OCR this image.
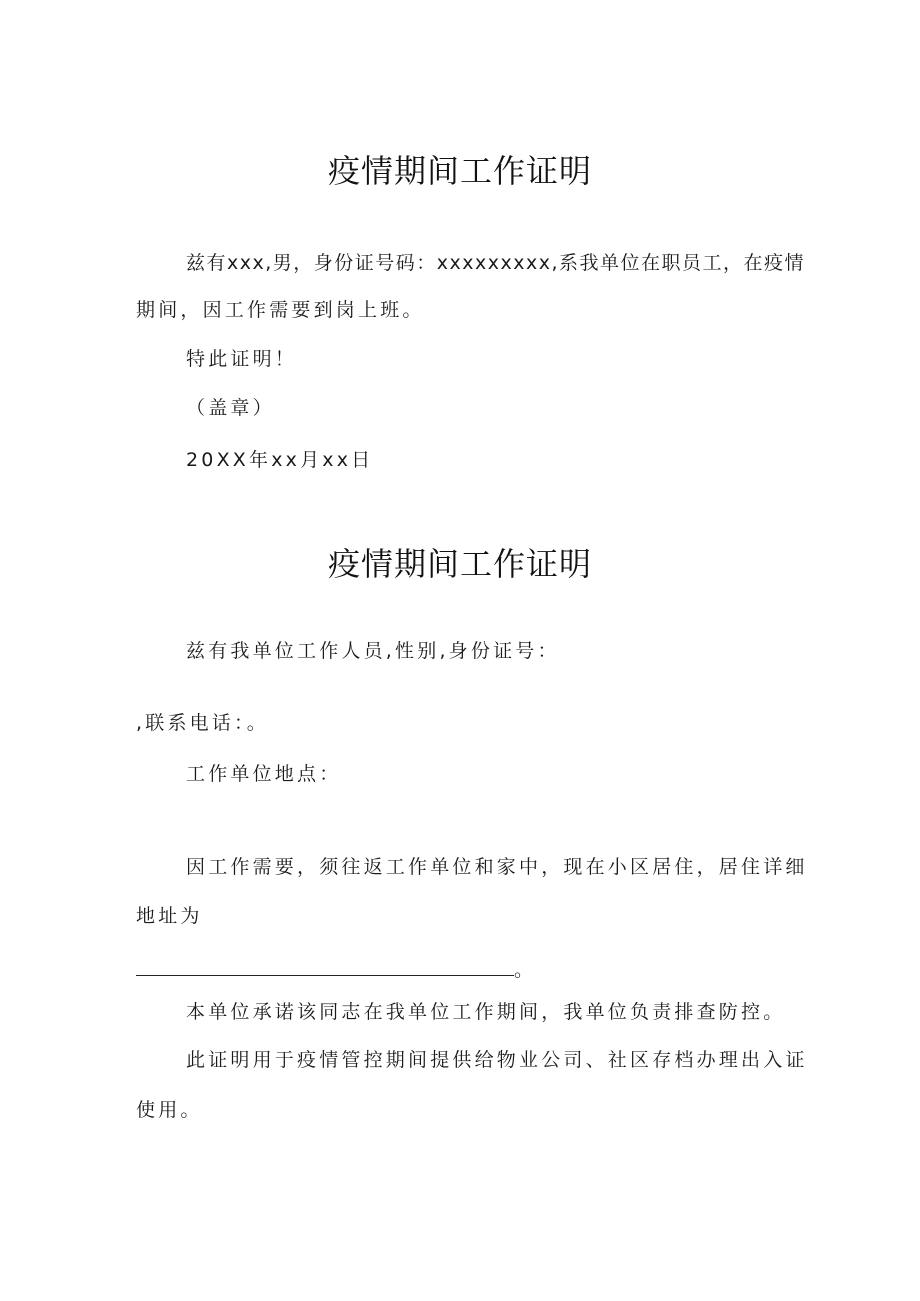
疫情期间工作证明
兹有xxx,男，身份证号码：xxxxxxxxx,系我单位在职员工，在疫情
期间，因工作需要到岗上班。
特此证明！
（盖章）
20XX年xx月xx日
疫情期间工作证明
兹有我单位工作人员,性别,身份证号：
,联系电话：。
工作单位地点：
因工作需要，须往返工作单位和家中，现在小区居住，居住详细
地址为
。
本单位承诺该同志在我单位工作期间，我单位负责排查防控。
此证明用于疫情管控期间提供给物业公司、社区存档办理出入证
使用。
